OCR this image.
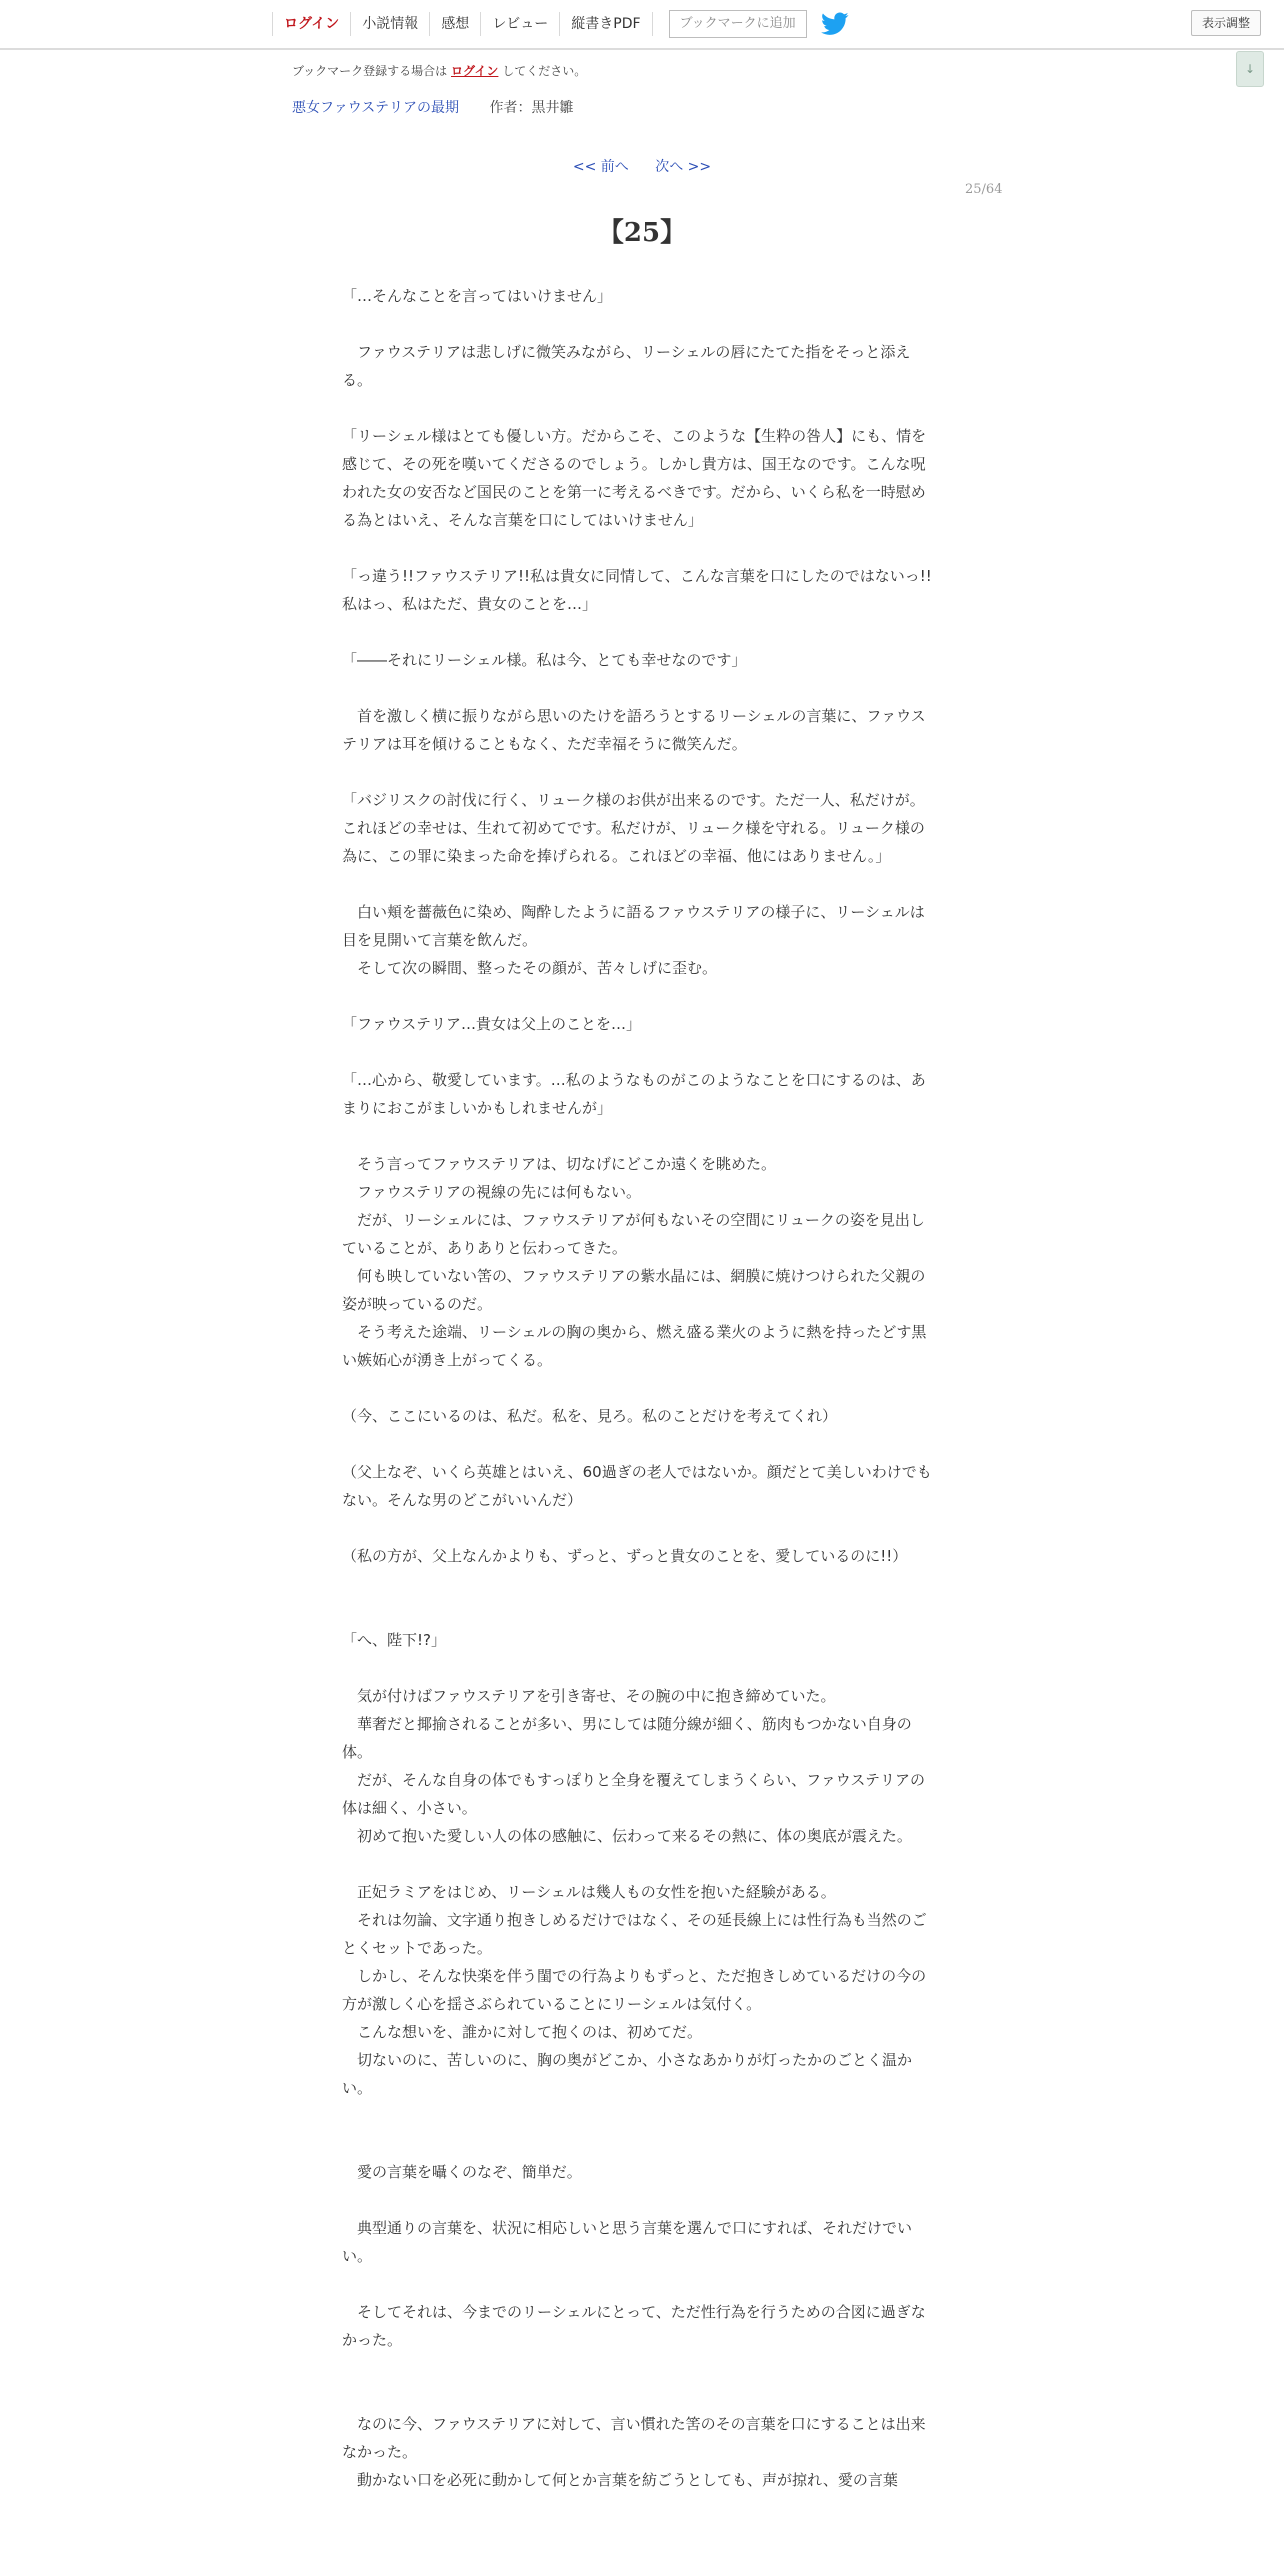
ログイン	小説情報	感想	レビュー	縦書きPDF	ブックマークに追加	表示調整
↓
ブックマーク登録する場合は ログイン してください。
悪女ファウステリアの最期 作者：黒井雛
<< 前へ 次へ >>
25/64
【25】

「…そんなことを言ってはいけません」

　ファウステリアは悲しげに微笑みながら、リーシェルの唇にたてた指をそっと添える。

「リーシェル様はとても優しい方。だからこそ、このような【生粋の咎人】にも、情を感じて、その死を嘆いてくださるのでしょう。しかし貴方は、国王なのです。こんな呪われた女の安否など国民のことを第一に考えるべきです。だから、いくら私を一時慰める為とはいえ、そんな言葉を口にしてはいけません」

「っ違う!!ファウステリア!!私は貴女に同情して、こんな言葉を口にしたのではないっ!!私はっ、私はただ、貴女のことを…」

「――それにリーシェル様。私は今、とても幸せなのです」

　首を激しく横に振りながら思いのたけを語ろうとするリーシェルの言葉に、ファウステリアは耳を傾けることもなく、ただ幸福そうに微笑んだ。

「バジリスクの討伐に行く、リューク様のお供が出来るのです。ただ一人、私だけが。これほどの幸せは、生れて初めてです。私だけが、リューク様を守れる。リューク様の為に、この罪に染まった命を捧げられる。これほどの幸福、他にはありません。」

　白い頬を薔薇色に染め、陶酔したように語るファウステリアの様子に、リーシェルは目を見開いて言葉を飲んだ。

　そして次の瞬間、整ったその顔が、苦々しげに歪む。

「ファウステリア…貴女は父上のことを…」

「…心から、敬愛しています。…私のようなものがこのようなことを口にするのは、あまりにおこがましいかもしれませんが」

　そう言ってファウステリアは、切なげにどこか遠くを眺めた。

　ファウステリアの視線の先には何もない。

　だが、リーシェルには、ファウステリアが何もないその空間にリュークの姿を見出していることが、ありありと伝わってきた。

　何も映していない筈の、ファウステリアの紫水晶には、網膜に焼けつけられた父親の姿が映っているのだ。

　そう考えた途端、リーシェルの胸の奥から、燃え盛る業火のように熱を持ったどす黒い嫉妬心が湧き上がってくる。

（今、ここにいるのは、私だ。私を、見ろ。私のことだけを考えてくれ）

（父上なぞ、いくら英雄とはいえ、60過ぎの老人ではないか。顔だとて美しいわけでもない。そんな男のどこがいいんだ）

（私の方が、父上なんかよりも、ずっと、ずっと貴女のことを、愛しているのに!!）

「へ、陛下!?」

　気が付けばファウステリアを引き寄せ、その腕の中に抱き締めていた。

　華奢だと揶揄されることが多い、男にしては随分線が細く、筋肉もつかない自身の体。

　だが、そんな自身の体でもすっぽりと全身を覆えてしまうくらい、ファウステリアの体は細く、小さい。

　初めて抱いた愛しい人の体の感触に、伝わって来るその熱に、体の奥底が震えた。

　正妃ラミアをはじめ、リーシェルは幾人もの女性を抱いた経験がある。

　それは勿論、文字通り抱きしめるだけではなく、その延長線上には性行為も当然のごとくセットであった。

　しかし、そんな快楽を伴う閨での行為よりもずっと、ただ抱きしめているだけの今の方が激しく心を揺さぶられていることにリーシェルは気付く。

　こんな想いを、誰かに対して抱くのは、初めてだ。

　切ないのに、苦しいのに、胸の奥がどこか、小さなあかりが灯ったかのごとく温かい。

　愛の言葉を囁くのなぞ、簡単だ。

　典型通りの言葉を、状況に相応しいと思う言葉を選んで口にすれば、それだけでいい。

　そしてそれは、今までのリーシェルにとって、ただ性行為を行うための合図に過ぎなかった。

　なのに今、ファウステリアに対して、言い慣れた筈のその言葉を口にすることは出来なかった。

　動かない口を必死に動かして何とか言葉を紡ごうとしても、声が掠れ、愛の言葉
